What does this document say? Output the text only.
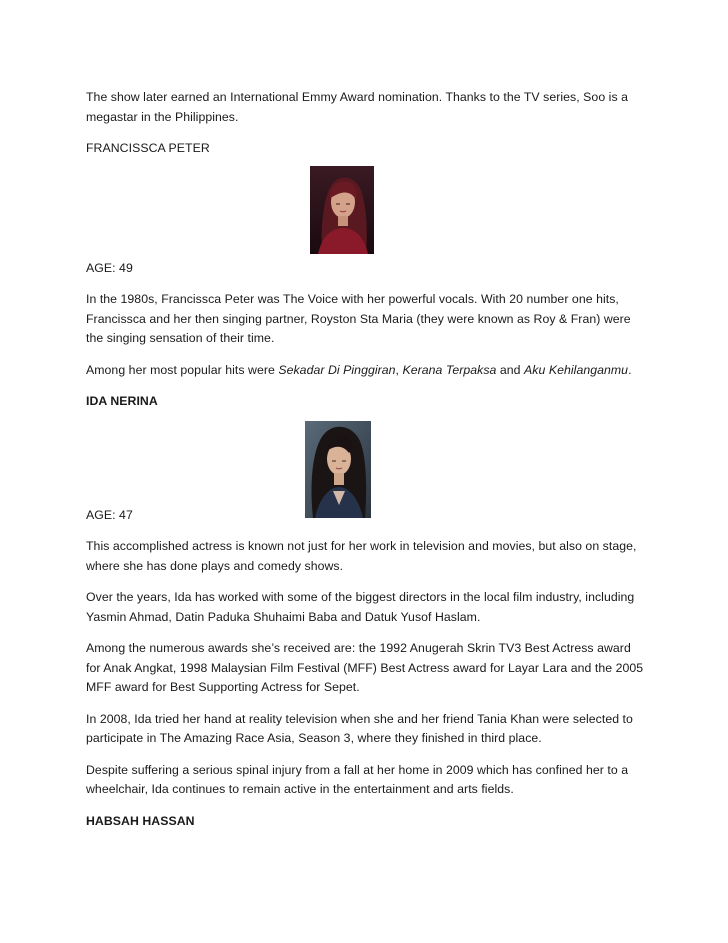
The show later earned an International Emmy Award nomination. Thanks to the TV series, Soo is a megastar in the Philippines.

FRANCISSCA PETER

AGE: 49

In the 1980s, Francissca Peter was The Voice with her powerful vocals. With 20 number one hits, Francissca and her then singing partner, Royston Sta Maria (they were known as Roy & Fran) were the singing sensation of their time.

Among her most popular hits were Sekadar Di Pinggiran, Kerana Terpaksa and Aku Kehilanganmu.

IDA NERINA

AGE: 47

This accomplished actress is known not just for her work in television and movies, but also on stage, where she has done plays and comedy shows.

Over the years, Ida has worked with some of the biggest directors in the local film industry, including Yasmin Ahmad, Datin Paduka Shuhaimi Baba and Datuk Yusof Haslam.

Among the numerous awards she’s received are: the 1992 Anugerah Skrin TV3 Best Actress award for Anak Angkat, 1998 Malaysian Film Festival (MFF) Best Actress award for Layar Lara and the 2005 MFF award for Best Supporting Actress for Sepet.

In 2008, Ida tried her hand at reality television when she and her friend Tania Khan were selected to participate in The Amazing Race Asia, Season 3, where they finished in third place.

Despite suffering a serious spinal injury from a fall at her home in 2009 which has confined her to a wheelchair, Ida continues to remain active in the entertainment and arts fields.

HABSAH HASSAN
